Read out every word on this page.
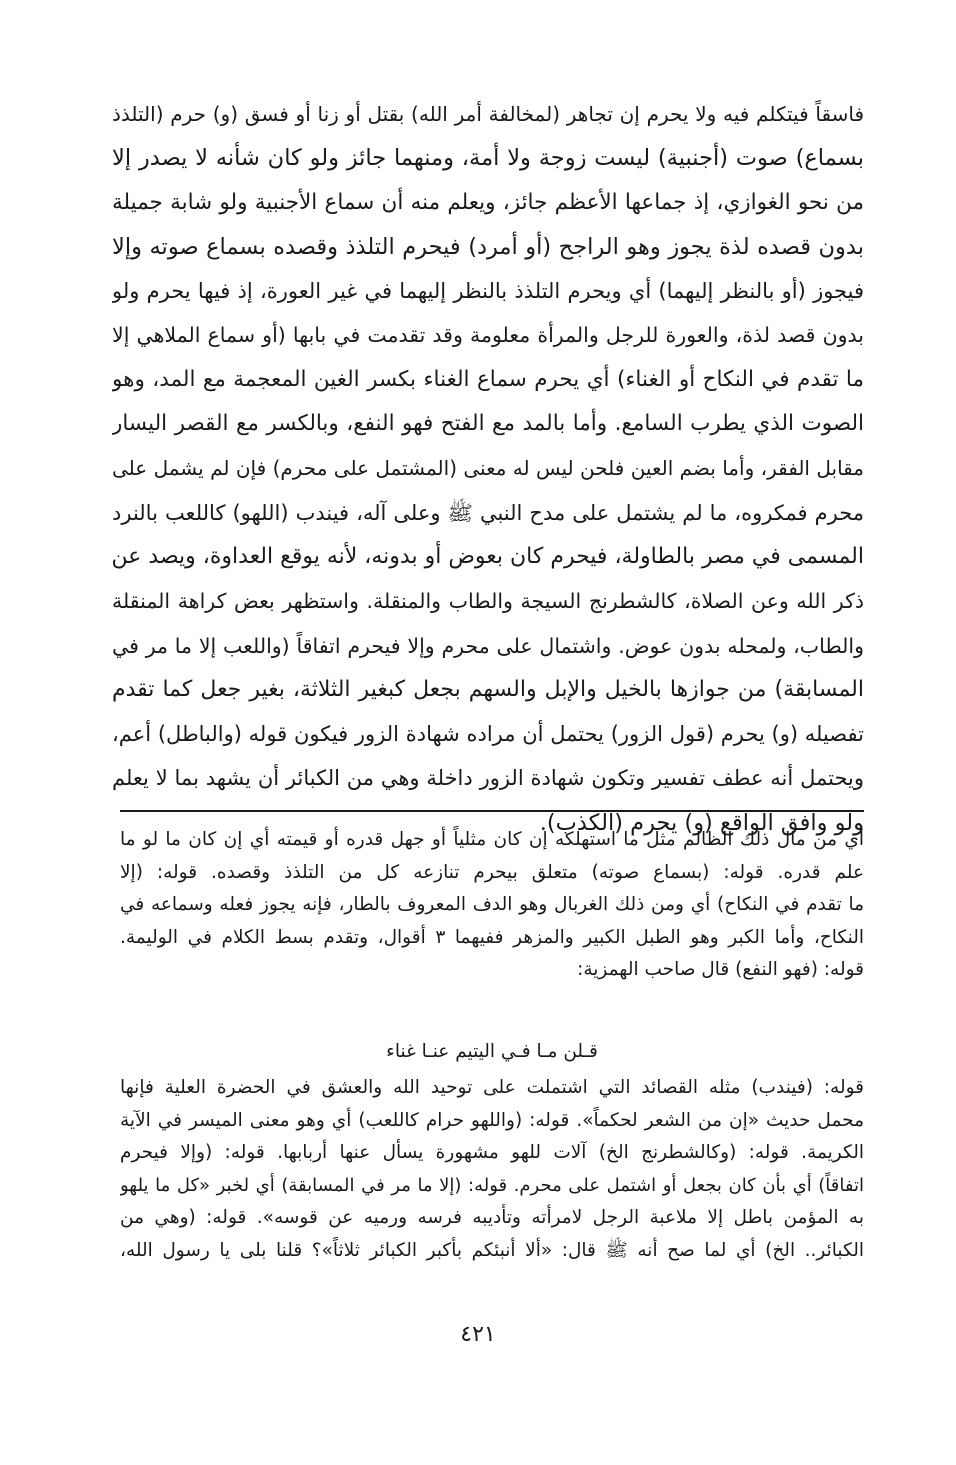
فاسقاً فيتكلم فيه ولا يحرم إن تجاهر (لمخالفة أمر الله) بقتل أو زنا أو فسق (و) حرم (التلذذ
بسماع) صوت (أجنبية) ليست زوجة ولا أمة، ومنهما جائز ولو كان شأنه لا يصدر إلا
من نحو الغوازي، إذ جماعها الأعظم جائز، ويعلم منه أن سماع الأجنبية ولو شابة جميلة
بدون قصده لذة يجوز وهو الراجح (أو أمرد) فيحرم التلذذ وقصده بسماع صوته وإلا
فيجوز (أو بالنظر إليهما) أي ويحرم التلذذ بالنظر إليهما في غير العورة، إذ فيها يحرم ولو
بدون قصد لذة، والعورة للرجل والمرأة معلومة وقد تقدمت في بابها (أو سماع الملاهي إلا
ما تقدم في النكاح أو الغناء) أي يحرم سماع الغناء بكسر الغين المعجمة مع المد، وهو
الصوت الذي يطرب السامع. وأما بالمد مع الفتح فهو النفع، وبالكسر مع القصر اليسار
مقابل الفقر، وأما بضم العين فلحن ليس له معنى (المشتمل على محرم) فإن لم يشمل على
محرم فمكروه، ما لم يشتمل على مدح النبي ﷺ وعلى آله، فيندب (اللهو) كاللعب بالنرد
المسمى في مصر بالطاولة، فيحرم كان بعوض أو بدونه، لأنه يوقع العداوة، ويصد عن
ذكر الله وعن الصلاة، كالشطرنج السيجة والطاب والمنقلة. واستظهر بعض كراهة المنقلة
والطاب، ولمحله بدون عوض. واشتمال على محرم وإلا فيحرم اتفاقاً (واللعب إلا ما مر في
المسابقة) من جوازها بالخيل والإبل والسهم بجعل كبغير الثلاثة، بغير جعل كما تقدم
تفصيله (و) يحرم (قول الزور) يحتمل أن مراده شهادة الزور فيكون قوله (والباطل) أعم،
ويحتمل أنه عطف تفسير وتكون شهادة الزور داخلة وهي من الكبائر أن يشهد بما لا يعلم
ولو وافق الواقع (و) يحرم (الكذب).
أي من مال ذلك الظالم مثل ما استهلكه إن كان مثلياً أو جهل قدره أو قيمته أي إن كان ما لو ما
علم قدره. قوله: (بسماع صوته) متعلق بيحرم تنازعه كل من التلذذ وقصده. قوله: (إلا
ما تقدم في النكاح) أي ومن ذلك الغربال وهو الدف المعروف بالطار، فإنه يجوز فعله وسماعه في
النكاح، وأما الكبر وهو الطبل الكبير والمزهر ففيهما ٣ أقوال، وتقدم بسط الكلام في الوليمة.
قوله: (فهو النفع) قال صاحب الهمزية:
قـلن مـا فـي اليتيم عنـا غناء
قوله: (فيندب) مثله القصائد التي اشتملت على توحيد الله والعشق في الحضرة العلية فإنها
محمل حديث «إن من الشعر لحكماً». قوله: (واللهو حرام كاللعب) أي وهو معنى الميسر في الآية
الكريمة. قوله: (وكالشطرنج الخ) آلات للهو مشهورة يسأل عنها أربابها. قوله: (وإلا فيحرم
اتفاقاً) أي بأن كان بجعل أو اشتمل على محرم. قوله: (إلا ما مر في المسابقة) أي لخبر «كل ما يلهو
به المؤمن باطل إلا ملاعبة الرجل لامرأته وتأديبه فرسه ورميه عن قوسه». قوله: (وهي من
الكبائر.. الخ) أي لما صح أنه ﷺ قال: «ألا أنبئكم بأكبر الكبائر ثلاثاً»؟ قلنا بلى يا رسول الله،
٤٢١
